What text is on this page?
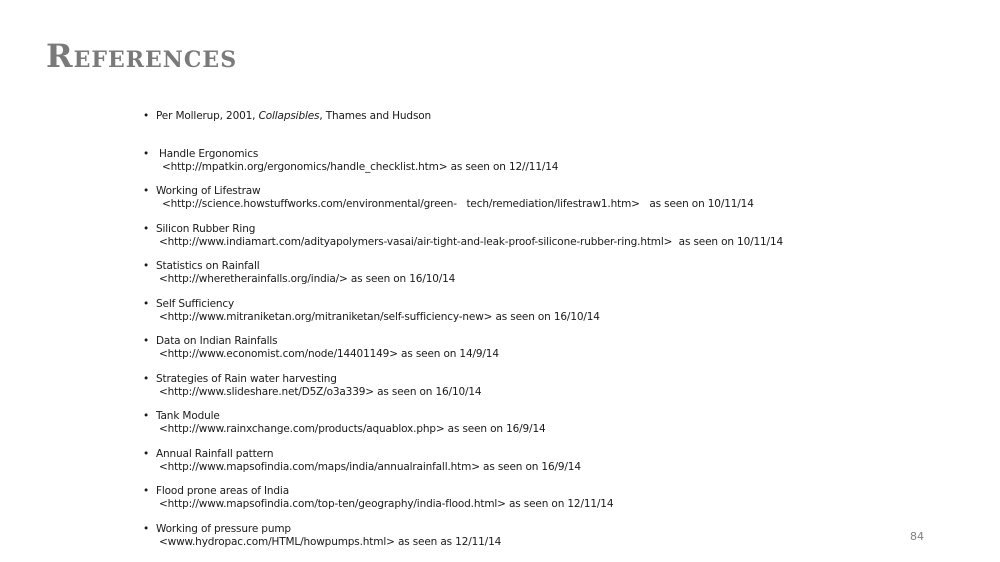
References
• Per Mollerup, 2001, Collapsibles, Thames and Hudson
• Handle Ergonomics
<http://mpatkin.org/ergonomics/handle_checklist.htm> as seen on 12//11/14
• Working of Lifestraw
<http://science.howstuffworks.com/environmental/green-   tech/remediation/lifestraw1.htm>   as seen on 10/11/14
• Silicon Rubber Ring
<http://www.indiamart.com/adityapolymers-vasai/air-tight-and-leak-proof-silicone-rubber-ring.html>  as seen on 10/11/14
• Statistics on Rainfall
<http://wheretherainfalls.org/india/> as seen on 16/10/14
• Self Sufficiency
<http://www.mitraniketan.org/mitraniketan/self-sufficiency-new> as seen on 16/10/14
• Data on Indian Rainfalls
<http://www.economist.com/node/14401149> as seen on 14/9/14
• Strategies of Rain water harvesting
<http://www.slideshare.net/D5Z/o3a339> as seen on 16/10/14
• Tank Module
<http://www.rainxchange.com/products/aquablox.php> as seen on 16/9/14
• Annual Rainfall pattern
<http://www.mapsofindia.com/maps/india/annualrainfall.htm> as seen on 16/9/14
• Flood prone areas of India
<http://www.mapsofindia.com/top-ten/geography/india-flood.html> as seen on 12/11/14
• Working of pressure pump
<www.hydropac.com/HTML/howpumps.html> as seen as 12/11/14	84
